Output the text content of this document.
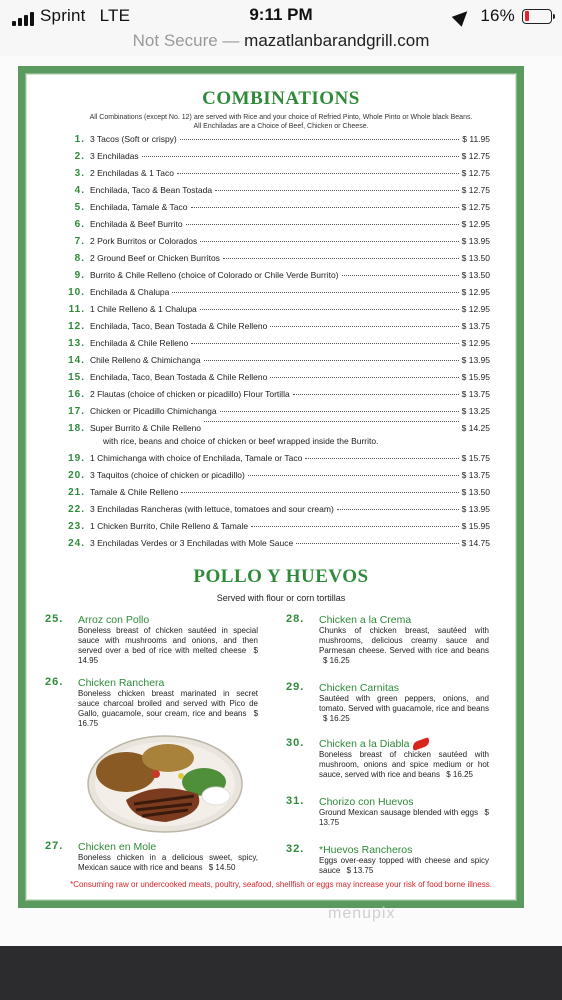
Sprint LTE	9:11 PM	16%
Not Secure — mazatlanbarandgrill.com
COMBINATIONS
All Combinations (except No. 12) are served with Rice and your choice of Refried Pinto, Whole Pinto or Whole black Beans.
All Enchiladas are a Choice of Beef, Chicken or Cheese.
1. 3 Tacos (Soft or crispy)	$ 11.95
2. 3 Enchiladas	$ 12.75
3. 2 Enchiladas & 1 Taco	$ 12.75
4. Enchilada, Taco & Bean Tostada	$ 12.75
5. Enchilada, Tamale & Taco	$ 12.75
6. Enchilada & Beef Burrito	$ 12.95
7. 2 Pork Burritos or Colorados	$ 13.95
8. 2 Ground Beef or Chicken Burritos	$ 13.50
9. Burrito & Chile Relleno (choice of Colorado or Chile Verde Burrito)	$ 13.50
10. Enchilada & Chalupa	$ 12.95
11. 1 Chile Relleno & 1 Chalupa	$ 12.95
12. Enchilada, Taco, Bean Tostada & Chile Relleno	$ 13.75
13. Enchilada & Chile Relleno	$ 12.95
14. Chile Relleno & Chimichanga	$ 13.95
15. Enchilada, Taco, Bean Tostada & Chile Relleno	$ 15.95
16. 2 Flautas (choice of chicken or picadillo) Flour Tortilla	$ 13.75
17. Chicken or Picadillo Chimichanga	$ 13.25
18. Super Burrito & Chile Relleno	$ 14.25
with rice, beans and choice of chicken or beef wrapped inside the Burrito.
19. 1 Chimichanga with choice of Enchilada, Tamale or Taco	$ 15.75
20. 3 Taquitos (choice of chicken or picadillo)	$ 13.75
21. Tamale & Chile Relleno	$ 13.50
22. 3 Enchiladas Rancheras (with lettuce, tomatoes and sour cream)	$ 13.95
23. 1 Chicken Burrito, Chile Relleno & Tamale	$ 15.95
24. 3 Enchiladas Verdes or 3 Enchiladas with Mole Sauce	$ 14.75
POLLO Y HUEVOS
Served with flour or corn tortillas
25. Arroz con Pollo
Boneless breast of chicken sautéed in special sauce with mushrooms and onions, and then served over a bed of rice with melted cheese $ 14.95
26. Chicken Ranchera
Boneless chicken breast marinated in secret sauce charcoal broiled and served with Pico de Gallo, guacamole, sour cream, rice and beans $ 16.75
27. Chicken en Mole
Boneless chicken in a delicious sweet, spicy, Mexican sauce with rice and beans $ 14.50
28. Chicken a la Crema
Chunks of chicken breast, sautéed with mushrooms, delicious creamy sauce and Parmesan cheese. Served with rice and beans $ 16.25
29. Chicken Carnitas
Sautéed with green peppers, onions, and tomato. Served with guacamole, rice and beans $ 16.25
30. Chicken a la Diabla
Boneless breast of chicken sautéed with mushroom, onions and spice medium or hot sauce, served with rice and beans $ 16.25
31. Chorizo con Huevos
Ground Mexican sausage blended with eggs $ 13.75
32. *Huevos Rancheros
Eggs over-easy topped with cheese and spicy sauce $ 13.75
*Consuming raw or undercooked meats, poultry, seafood, shellfish or eggs may increase your risk of food borne illness.
menupix
